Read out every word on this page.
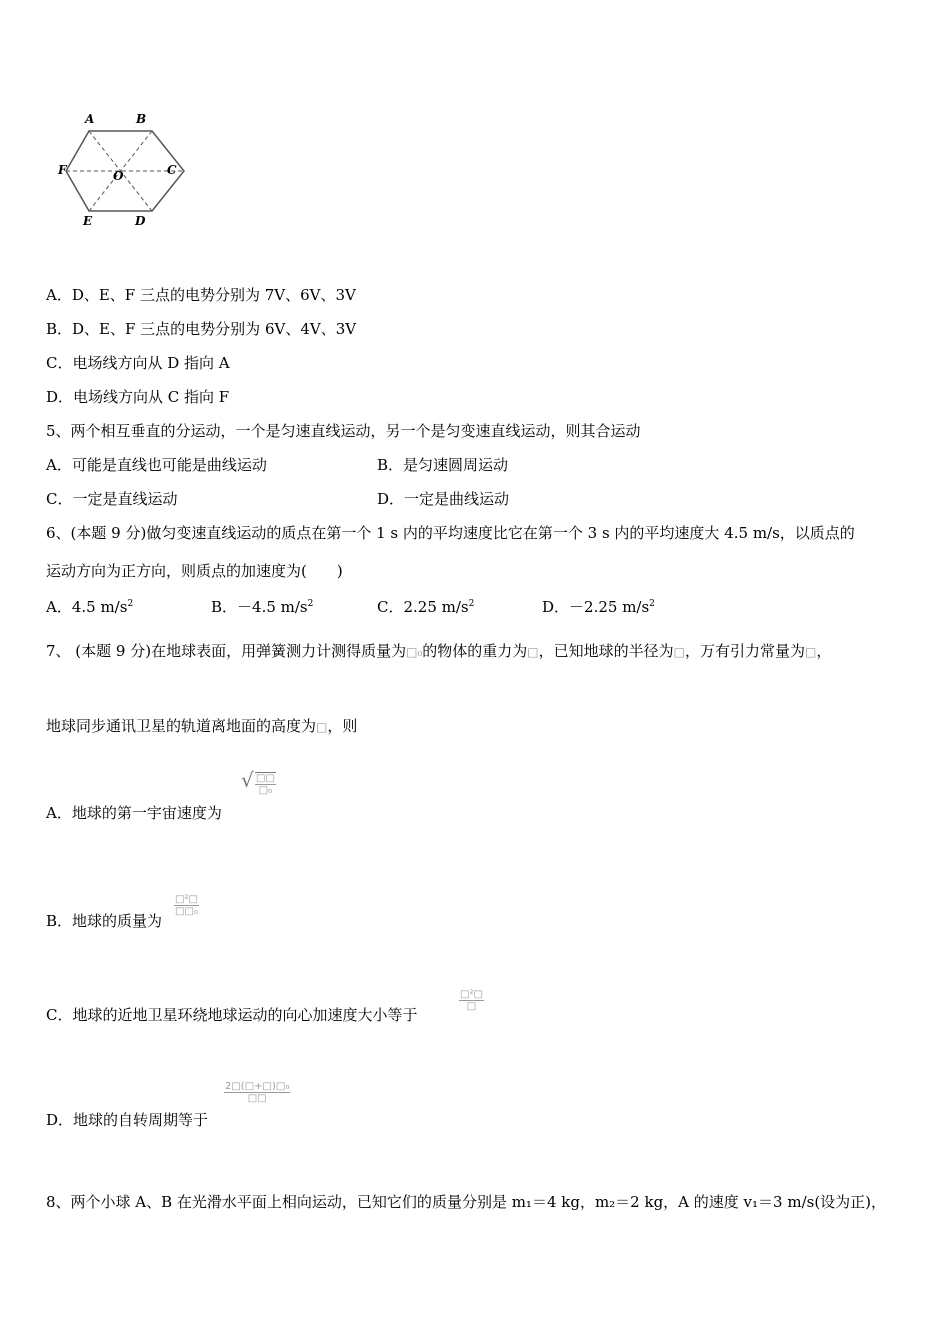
A	B
C
D
E
F	O
A．D、E、F 三点的电势分别为 7V、6V、3V
B．D、E、F 三点的电势分别为 6V、4V、3V
C．电场线方向从 D 指向 A
D．电场线方向从 C 指向 F
5、两个相互垂直的分运动，一个是匀速直线运动，另一个是匀变速直线运动，则其合运动
A．可能是直线也可能是曲线运动	B．是匀速圆周运动
C．一定是直线运动	D．一定是曲线运动
6、(本题 9 分)做匀变速直线运动的质点在第一个 1 s 内的平均速度比它在第一个 3 s 内的平均速度大 4.5 m/s，以质点的
运动方向为正方向，则质点的加速度为(　　)
A．4.5 $m/s^2$	B．－4.5 $m/s^2$	C．2.25 $m/s^2$	D．－2.25 $m/s^2$
7、 (本题 9 分)在地球表面，用弹簧测力计测得质量为□₀的物体的重力为□，已知地球的半径为□，万有引力常量为□，
地球同步通讯卫星的轨道离地面的高度为□，则
A．地球的第一宇宙速度为
√ □□
□₀
B．地球的质量为
□²□
□□₀
C．地球的近地卫星环绕地球运动的向心加速度大小等于
□²□
□
D．地球的自转周期等于
2□(□+□)□₀
□□
8、两个小球 A、B 在光滑水平面上相向运动，已知它们的质量分别是 m₁＝4 kg，m₂＝2 kg，A 的速度 v₁＝3 m/s(设为正)，
